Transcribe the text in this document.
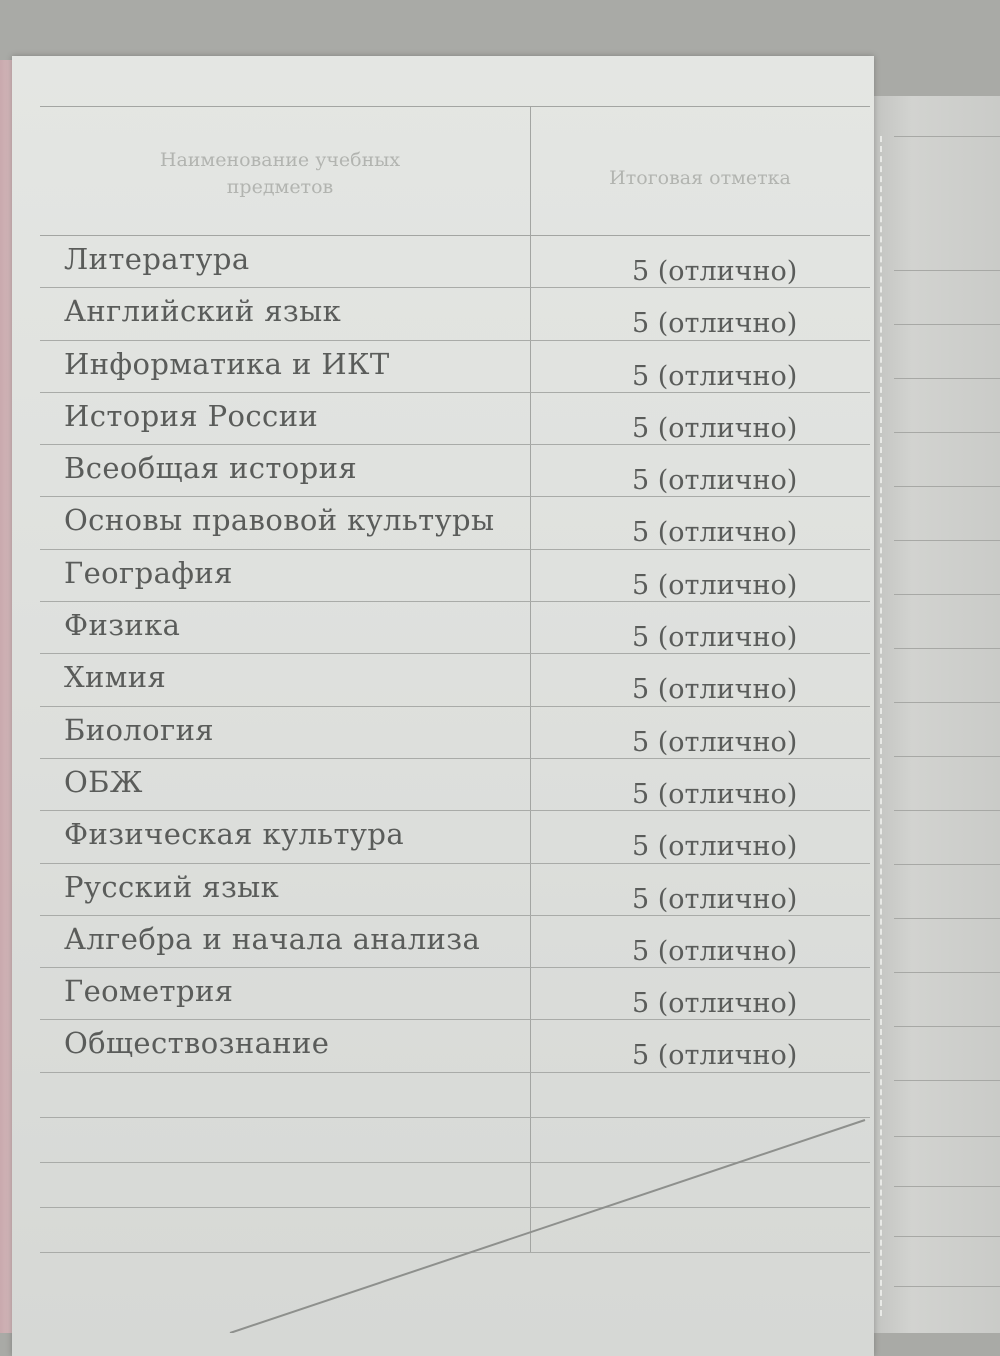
Наименование учебных предметов	Итоговая отметка
Литература	5 (отлично)
Английский язык	5 (отлично)
Информатика и ИКТ	5 (отлично)
История России	5 (отлично)
Всеобщая история	5 (отлично)
Основы правовой культуры	5 (отлично)
География	5 (отлично)
Физика	5 (отлично)
Химия	5 (отлично)
Биология	5 (отлично)
ОБЖ	5 (отлично)
Физическая культура	5 (отлично)
Русский язык	5 (отлично)
Алгебра и начала анализа	5 (отлично)
Геометрия	5 (отлично)
Обществознание	5 (отлично)
